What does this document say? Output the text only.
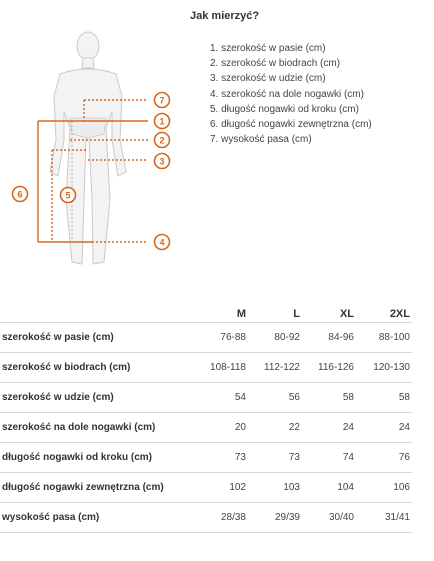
7
1
2
3
4
5
6
Jak mierzyć?
1. szerokość w pasie (cm)
2. szerokość w biodrach (cm)
3. szerokość w udzie (cm)
4. szerokość na dole nogawki (cm)
5. długość nogawki od kroku (cm)
6. długość nogawki zewnętrzna (cm)
7. wysokość pasa (cm)
	M	L	XL	2XL
szerokość w pasie (cm)	76-88	80-92	84-96	88-100
szerokość w biodrach (cm)	108-118	112-122	116-126	120-130
szerokość w udzie (cm)	54	56	58	58
szerokość na dole nogawki (cm)	20	22	24	24
długość nogawki od kroku (cm)	73	73	74	76
długość nogawki zewnętrzna (cm)	102	103	104	106
wysokość pasa (cm)	28/38	29/39	30/40	31/41
